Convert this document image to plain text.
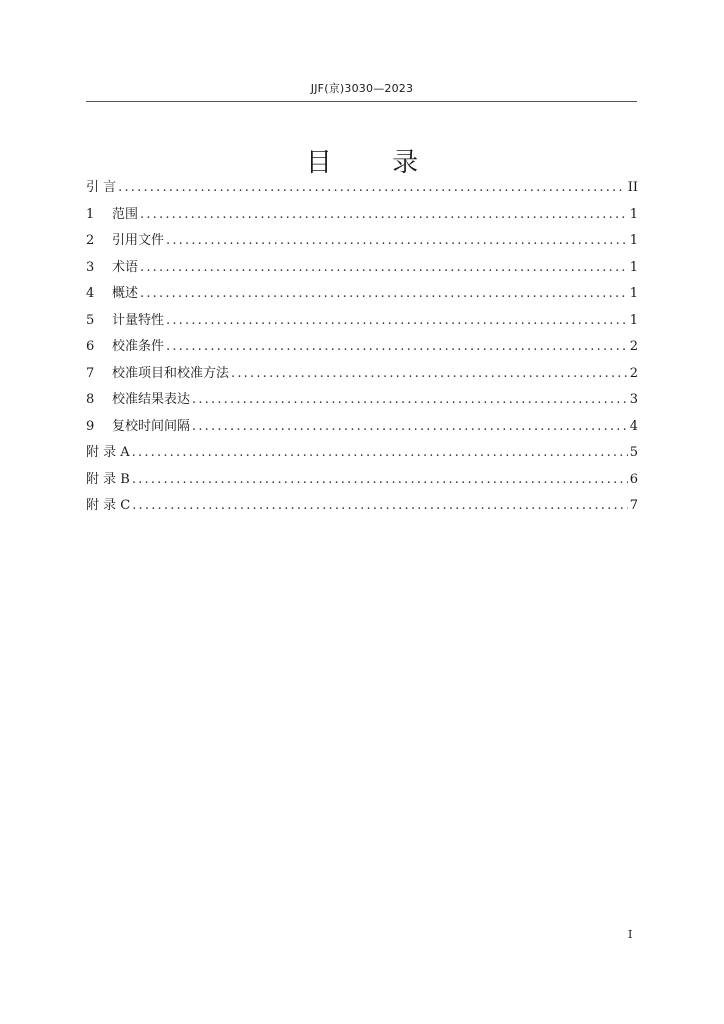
JJF(京)3030—2023
目 录
引 言 .....	II
1	范围 .....	1
2	引用文件 .....	1
3	术语 .....	1
4	概述 .....	1
5	计量特性 .....	1
6	校准条件 .....	2
7	校准项目和校准方法 .....	2
8	校准结果表达 .....	3
9	复校时间间隔 .....	4
附 录 A .....	5
附 录 B .....	6
附 录 C .....	7
I
